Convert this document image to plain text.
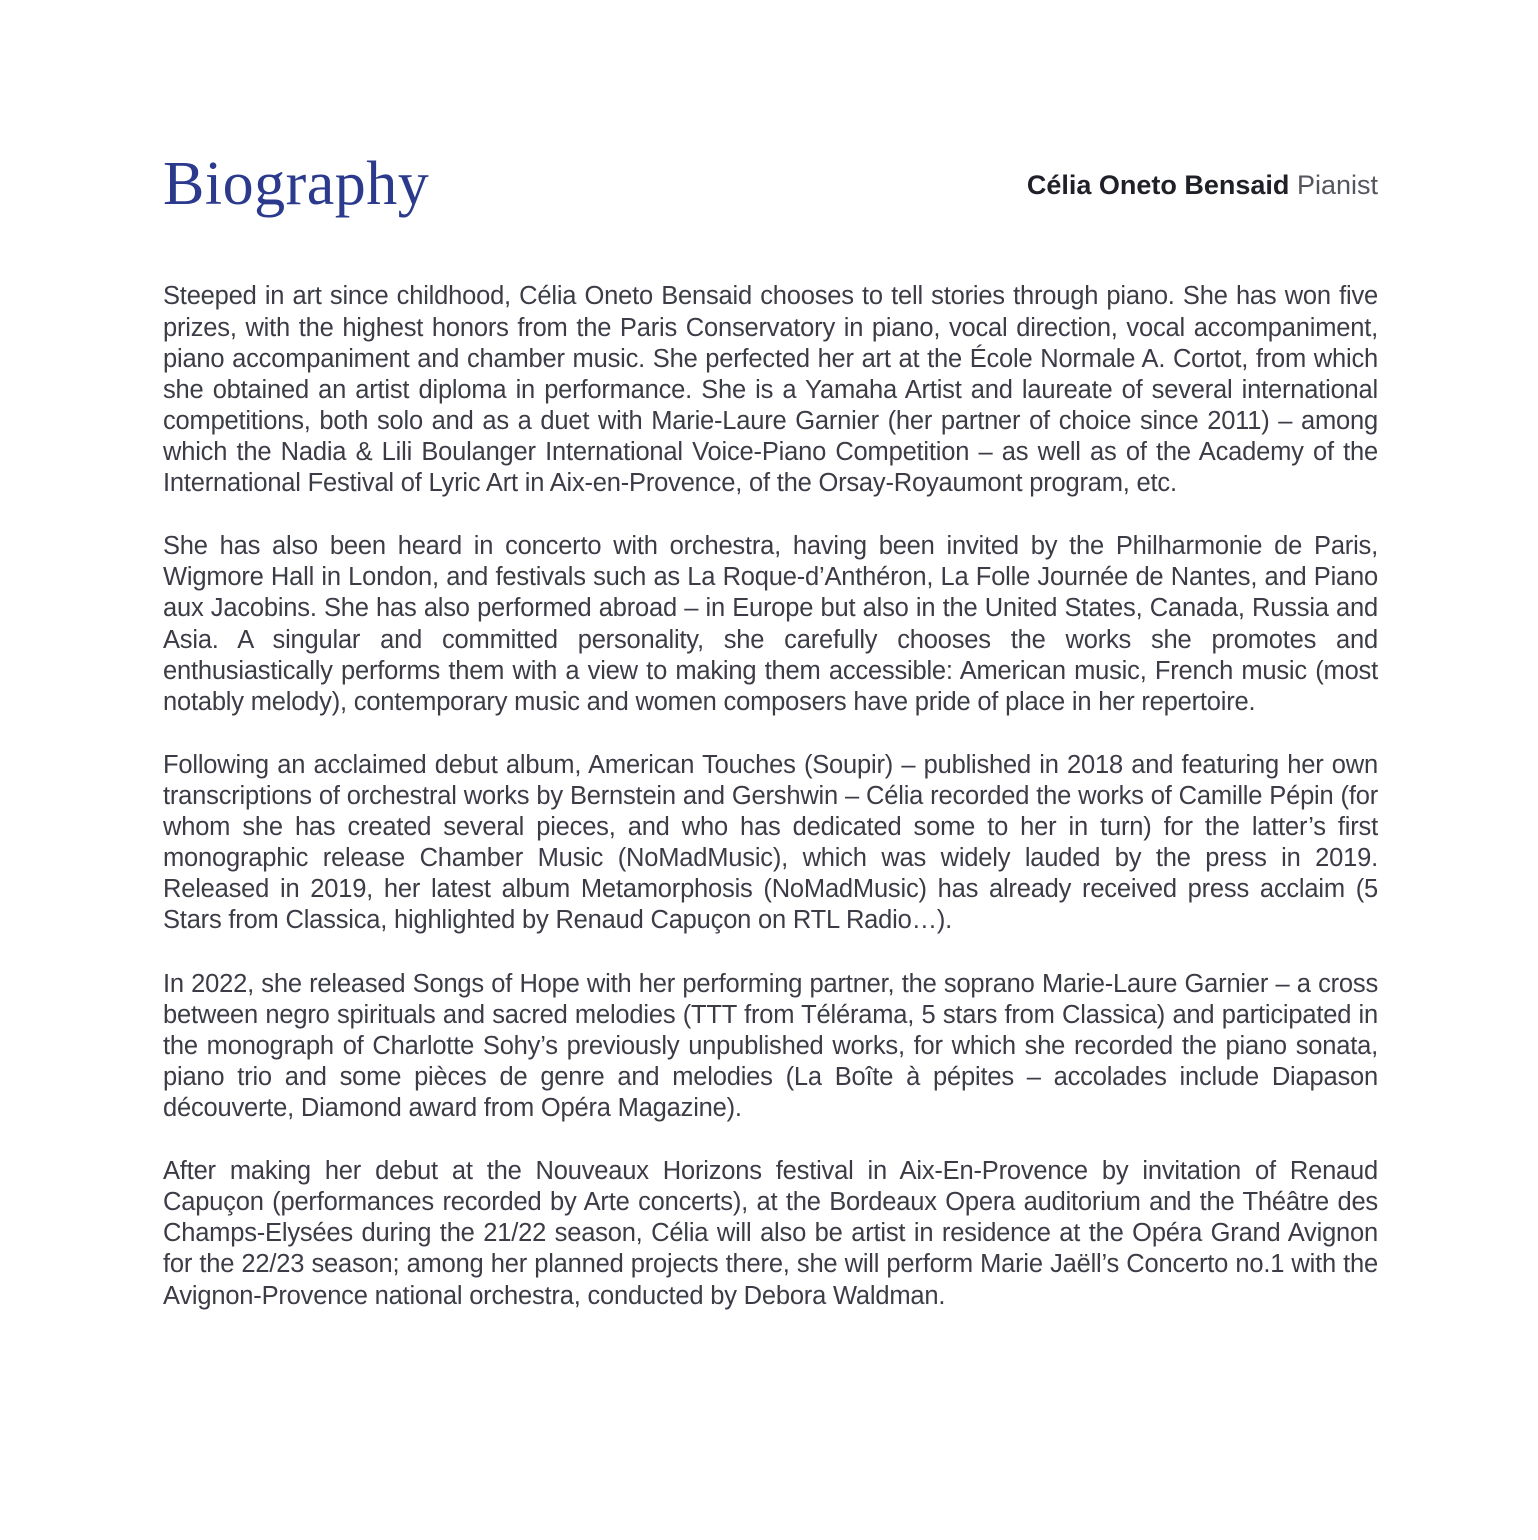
Biography	Célia Oneto Bensaid Pianist

Steeped in art since childhood, Célia Oneto Bensaid chooses to tell stories through piano. She has won five prizes, with the highest honors from the Paris Conservatory in piano, vocal direction, vocal accompaniment, piano accompaniment and chamber music. She perfected her art at the École Normale A. Cortot, from which she obtained an artist diploma in performance. She is a Yamaha Artist and laureate of several international competitions, both solo and as a duet with Marie-Laure Garnier (her partner of choice since 2011) – among which the Nadia & Lili Boulanger International Voice-Piano Competition – as well as of the Academy of the International Festival of Lyric Art in Aix-en-Provence, of the Orsay-Royaumont program, etc.

She has also been heard in concerto with orchestra, having been invited by the Philharmonie de Paris, Wigmore Hall in London, and festivals such as La Roque-d’Anthéron, La Folle Journée de Nantes, and Piano aux Jacobins. She has also performed abroad – in Europe but also in the United States, Canada, Russia and Asia. A singular and committed personality, she carefully chooses the works she promotes and enthusiastically performs them with a view to making them accessible: American music, French music (most notably melody), contemporary music and women composers have pride of place in her repertoire.

Following an acclaimed debut album, American Touches (Soupir) – published in 2018 and featuring her own transcriptions of orchestral works by Bernstein and Gershwin – Célia recorded the works of Camille Pépin (for whom she has created several pieces, and who has dedicated some to her in turn) for the latter’s first monographic release Chamber Music (NoMadMusic), which was widely lauded by the press in 2019. Released in 2019, her latest album Metamorphosis (NoMadMusic) has already received press acclaim (5 Stars from Classica, highlighted by Renaud Capuçon on RTL Radio…).

In 2022, she released Songs of Hope with her performing partner, the soprano Marie-Laure Garnier – a cross between negro spirituals and sacred melodies (TTT from Télérama, 5 stars from Classica) and participated in the monograph of Charlotte Sohy’s previously unpublished works, for which she recorded the piano sonata, piano trio and some pièces de genre and melodies (La Boîte à pépites – accolades include Diapason découverte, Diamond award from Opéra Magazine).

After making her debut at the Nouveaux Horizons festival in Aix-En-Provence by invitation of Renaud Capuçon (performances recorded by Arte concerts), at the Bordeaux Opera auditorium and the Théâtre des Champs-Elysées during the 21/22 season, Célia will also be artist in residence at the Opéra Grand Avignon for the 22/23 season; among her planned projects there, she will perform Marie Jaëll’s Concerto no.1 with the Avignon-Provence national orchestra, conducted by Debora Waldman.
